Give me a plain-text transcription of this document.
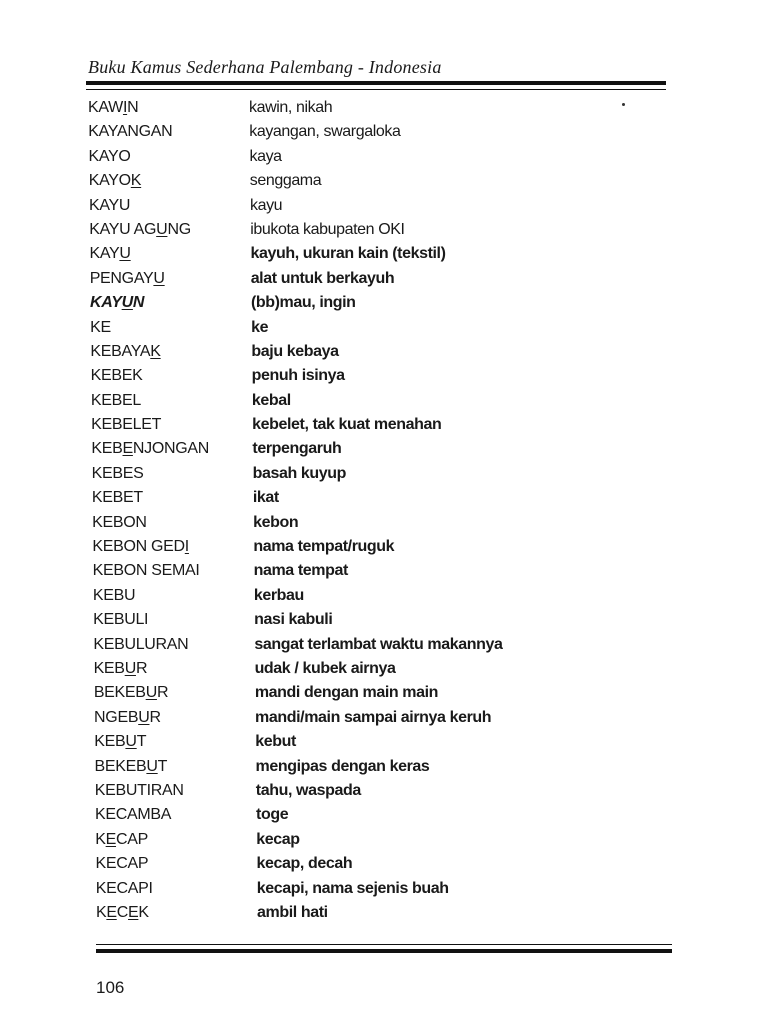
Buku Kamus Sederhana Palembang - Indonesia
KAWIN	kawin, nikah
KAYANGAN	kayangan, swargaloka
KAYO	kaya
KAYOK	senggama
KAYU	kayu
KAYU AGUNG	ibukota kabupaten OKI
KAYU	kayuh, ukuran kain (tekstil)
PENGAYU	alat untuk berkayuh
KAYUN	(bb)mau, ingin
KE	ke
KEBAYAK	baju kebaya
KEBEK	penuh isinya
KEBEL	kebal
KEBELET	kebelet, tak kuat menahan
KEBENJONGAN	terpengaruh
KEBES	basah kuyup
KEBET	ikat
KEBON	kebon
KEBON GEDI	nama tempat/ruguk
KEBON SEMAI	nama tempat
KEBU	kerbau
KEBULI	nasi kabuli
KEBULURAN	sangat terlambat waktu makannya
KEBUR	udak / kubek airnya
BEKEBUR	mandi dengan main main
NGEBUR	mandi/main sampai airnya keruh
KEBUT	kebut
BEKEBUT	mengipas dengan keras
KEBUTIRAN	tahu, waspada
KECAMBA	toge
KECAP	kecap
KECAP	kecap, decah
KECAPI	kecapi, nama sejenis buah
KECEK	ambil hati
106
